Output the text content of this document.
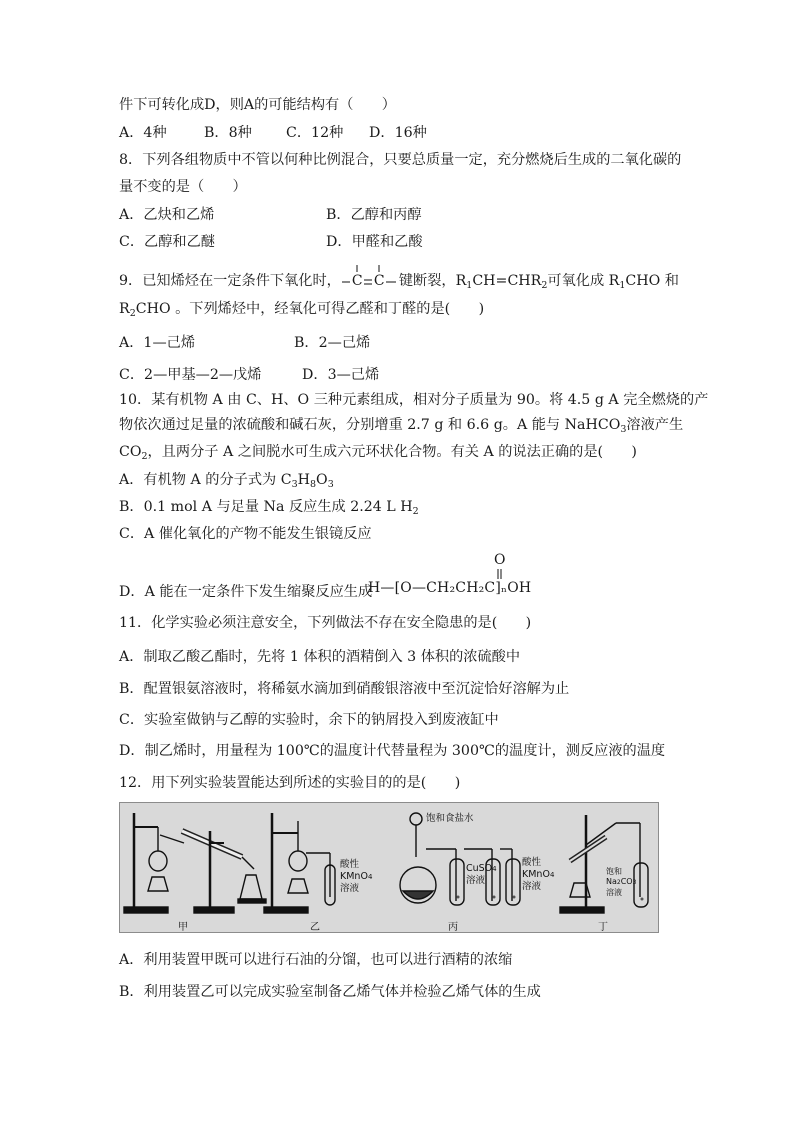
件下可转化成D，则A的可能结构有（　　）
A．4种	B．8种 C．12种 D．16种
8．下列各组物质中不管以何种比例混合，只要总质量一定，充分燃烧后生成的二氧化碳的
量不变的是（　　）
A．乙炔和乙烯	B．乙醇和丙醇
C．乙醇和乙醚	D．甲醛和乙酸
9．已知烯烃在一定条件下氧化时， C C 键断裂，$R_1CH=CHR_2$可氧化成 $R_1CHO$ 和
$R_2CHO$ 。下列烯烃中，经氧化可得乙醛和丁醛的是(　　)
A．1—己烯	B．2—己烯
C．2—甲基—2—戊烯	D．3—己烯
10．某有机物 A 由 C、H、O 三种元素组成，相对分子质量为 90。将 4.5 g A 完全燃烧的产
物依次通过足量的浓硫酸和碱石灰，分别增重 2.7 g 和 6.6 g。A 能与 NaHCO$_3$溶液产生
$CO_2$，且两分子 A 之间脱水可生成六元环状化合物。有关 A 的说法正确的是(　　)
A．有机物 A 的分子式为 $C_3H_8O_3$
B．0.1 mol A 与足量 Na 反应生成 2.24 L $H_2$
C．A 催化氧化的产物不能发生银镜反应
D．A 能在一定条件下发生缩聚反应生成
O
H—[O—CH₂CH₂C]ₙOH
11．化学实验必须注意安全，下列做法不存在安全隐患的是(　　)
A．制取乙酸乙酯时，先将 1 体积的酒精倒入 3 体积的浓硫酸中
B．配置银氨溶液时，将稀氨水滴加到硝酸银溶液中至沉淀恰好溶解为止
C．实验室做钠与乙醇的实验时，余下的钠屑投入到废液缸中
D．制乙烯时，用量程为 100℃的温度计代替量程为 300℃的温度计，测反应液的温度
12．用下列实验装置能达到所述的实验目的的是(　　)
甲	乙	丙	丁
酸性
KMnO4
溶液
饱和食盐水
CuSO4
溶液
酸性
KMnO4
溶液
饱和
Na2CO3
溶液
A．利用装置甲既可以进行石油的分馏，也可以进行酒精的浓缩
B．利用装置乙可以完成实验室制备乙烯气体并检验乙烯气体的生成
